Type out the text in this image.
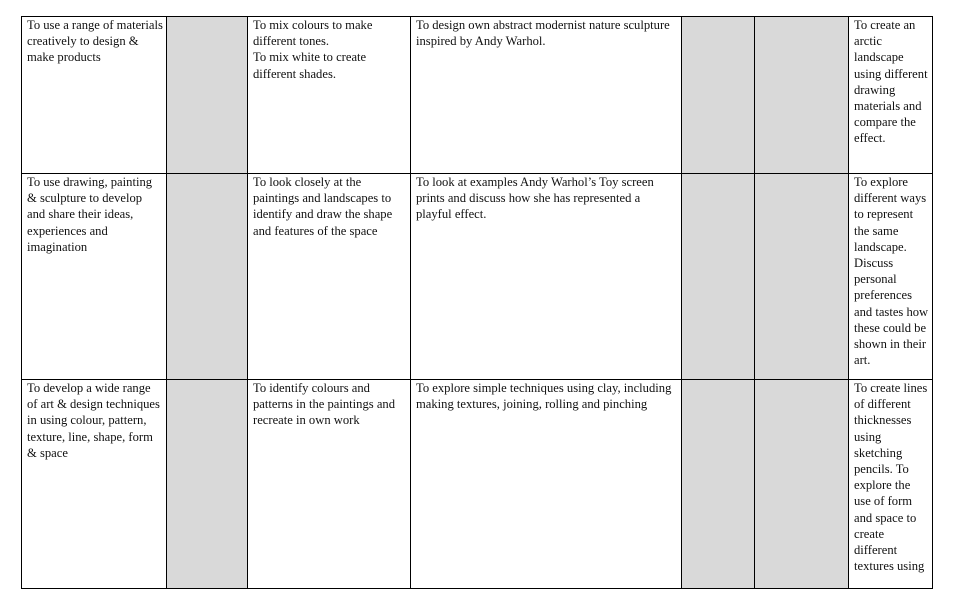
To use a range of materials creatively to design & make products		To mix colours to make different tones.
To mix white to create different shades.	To design own abstract modernist nature sculpture inspired by Andy Warhol.			To create an arctic landscape using different drawing materials and compare the effect.

To use drawing, painting & sculpture to develop and share their ideas, experiences and imagination		To look closely at the paintings and landscapes to identify and draw the shape and features of the space	To look at examples Andy Warhol’s Toy screen prints and discuss how she has represented a playful effect.			To explore different ways to represent the same landscape. Discuss personal preferences and tastes how these could be shown in their art.

To develop a wide range of art & design techniques in using colour, pattern, texture, line, shape, form & space		To identify colours and patterns in the paintings and recreate in own work	To explore simple techniques using clay, including making textures, joining, rolling and pinching			To create lines of different thicknesses using sketching pencils. To explore the use of form and space to create different textures using
